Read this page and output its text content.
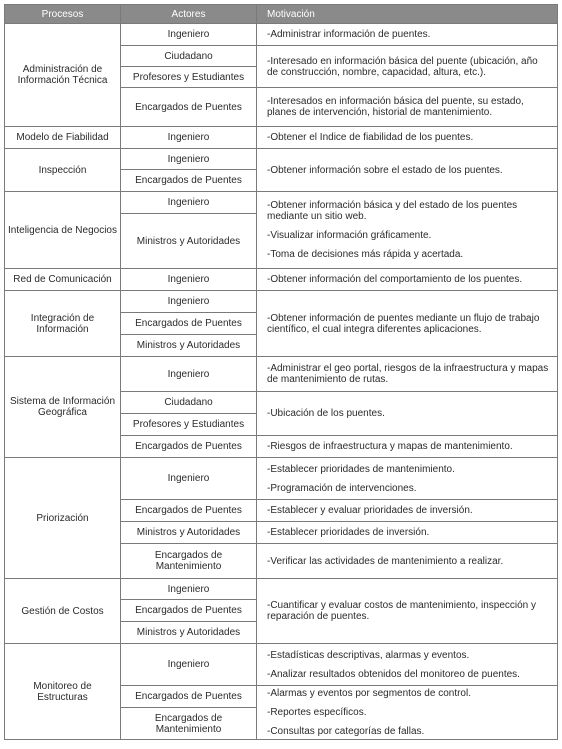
Procesos	Actores	Motivación
Administración de Información Técnica	Ingeniero	-Administrar información de puentes.

	Ciudadano	-Interesado en información básica del puente (ubicación, año de construcción, nombre, capacidad, altura, etc.).

	Profesores y Estudiantes	
	Encargados de Puentes	-Interesados en información básica del puente, su estado, planes de intervención, historial de mantenimiento.

Modelo de Fiabilidad	Ingeniero	-Obtener el Indice de fiabilidad de los puentes.

Inspección	Ingeniero	-Obtener información sobre el estado de los puentes.

	Encargados de Puentes	
Inteligencia de Negocios	Ingeniero	-Obtener información básica y del estado de los puentes mediante un sitio web.
-Visualizar información gráficamente.
-Toma de decisiones más rápida y acertada.

	Ministros y Autoridades	
Red de Comunicación	Ingeniero	-Obtener información del comportamiento de los puentes.

Integración de Información	Ingeniero	-Obtener información de puentes mediante un flujo de trabajo científico, el cual integra diferentes aplicaciones.

	Encargados de Puentes	
	Ministros y Autoridades	
Sistema de Información Geográfica	Ingeniero	-Administrar el geo portal, riesgos de la infraestructura y mapas de mantenimiento de rutas.

	Ciudadano	-Ubicación de los puentes.

	Profesores y Estudiantes	
	Encargados de Puentes	-Riesgos de infraestructura y mapas de mantenimiento.

Priorización	Ingeniero	-Establecer prioridades de mantenimiento.
-Programación de intervenciones.

	Encargados de Puentes	-Establecer y evaluar prioridades de inversión.

	Ministros y Autoridades	-Establecer prioridades de inversión.

	Encargados de Mantenimiento	-Verificar las actividades de mantenimiento a realizar.

Gestión de Costos	Ingeniero	-Cuantificar y evaluar costos de mantenimiento, inspección y reparación de puentes.

	Encargados de Puentes	
	Ministros y Autoridades	
Monitoreo de Estructuras	Ingeniero	-Estadísticas descriptivas, alarmas y eventos.
-Analizar resultados obtenidos del monitoreo de puentes.

	Encargados de Puentes	-Alarmas y eventos por segmentos de control.
-Reportes específicos.
-Consultas por categorías de fallas.

	Encargados de Mantenimiento	
